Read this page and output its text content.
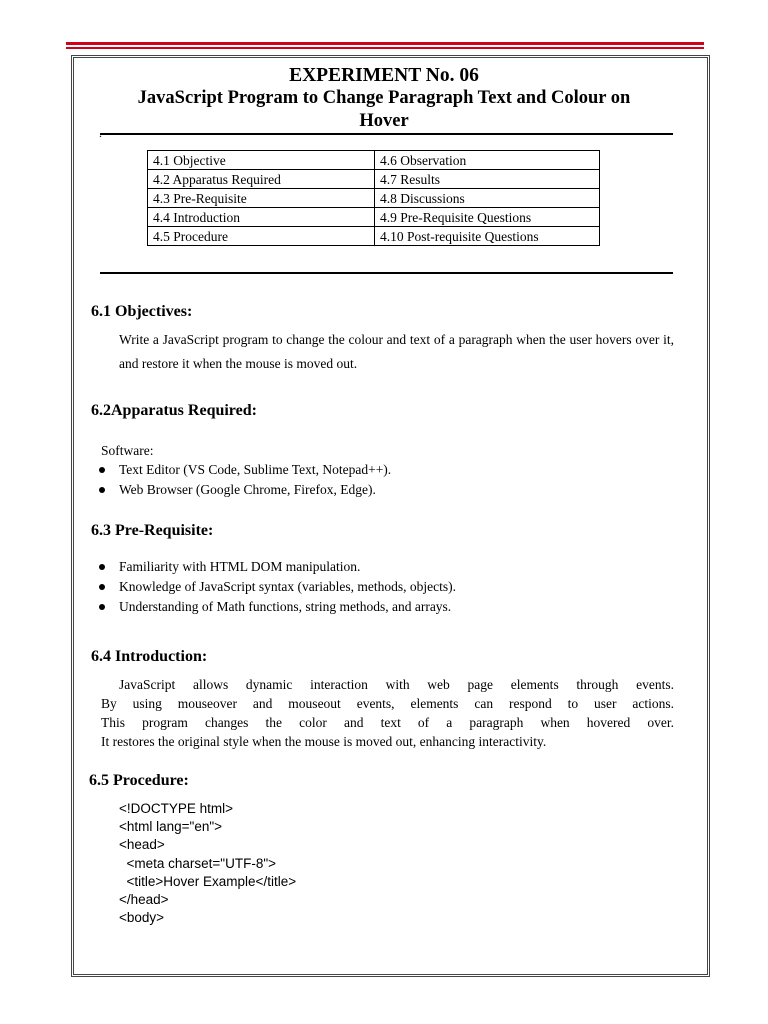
EXPERIMENT No. 06
JavaScript Program to Change Paragraph Text and Colour on
Hover
4.1 Objective	4.6 Observation
4.2 Apparatus Required	4.7 Results
4.3 Pre-Requisite	4.8 Discussions
4.4 Introduction	4.9 Pre-Requisite Questions
4.5 Procedure	4.10 Post-requisite Questions
6.1 Objectives:

Write a JavaScript program to change the colour and text of a paragraph when the user hovers over it, and restore it when the mouse is moved out.

6.2Apparatus Required:
Software:
Text Editor (VS Code, Sublime Text, Notepad++).
Web Browser (Google Chrome, Firefox, Edge).
6.3 Pre-Requisite:
Familiarity with HTML DOM manipulation.
Knowledge of JavaScript syntax (variables, methods, objects).
Understanding of Math functions, string methods, and arrays.
6.4 Introduction:
JavaScript allows dynamic interaction with web page elements through events.
By using mouseover and mouseout events, elements can respond to user actions.
This program changes the color and text of a paragraph when hovered over.
It restores the original style when the mouse is moved out, enhancing interactivity.
6.5 Procedure:
<!DOCTYPE html>
<html lang="en">
<head>
<meta charset="UTF-8">
<title>Hover Example</title>
</head>
<body>
